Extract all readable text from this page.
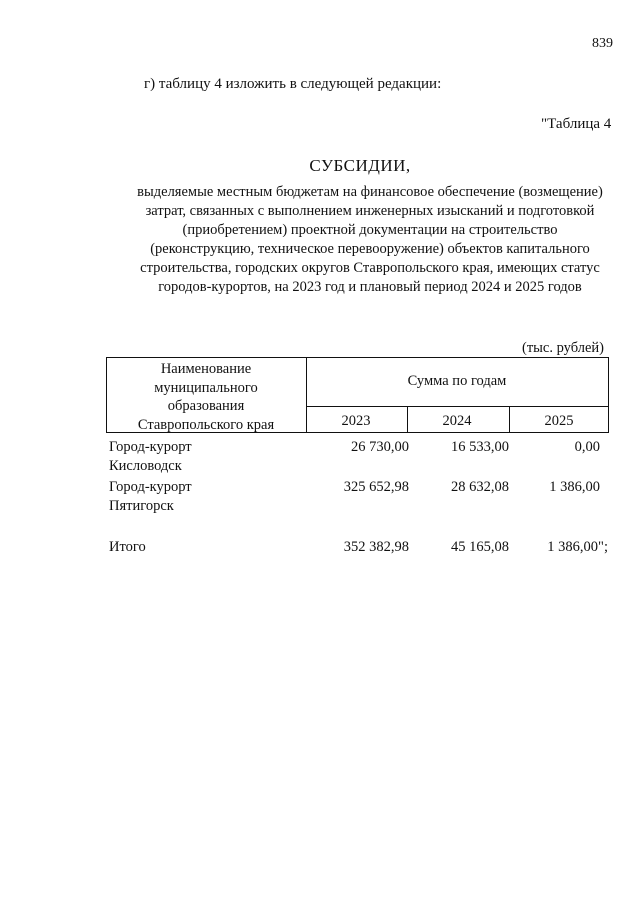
839
г) таблицу 4 изложить в следующей редакции:
"Таблица 4
СУБСИДИИ,
выделяемые местным бюджетам на финансовое обеспечение (возмещение)
затрат, связанных с выполнением инженерных изысканий и подготовкой
(приобретением) проектной документации на строительство
(реконструкцию, техническое перевооружение) объектов капитального
строительства, городских округов Ставропольского края, имеющих статус
городов-курортов, на 2023 год и плановый период 2024 и 2025 годов
(тыс. рублей)
Наименование
муниципального
образования
Ставропольского края
Сумма по годам
2023	2024	2025
Город-курорт
Кисловодск
26 730,00	16 533,00	0,00
Город-курорт
Пятигорск
325 652,98	28 632,08	1 386,00
Итого	352 382,98	45 165,08	1 386,00";
